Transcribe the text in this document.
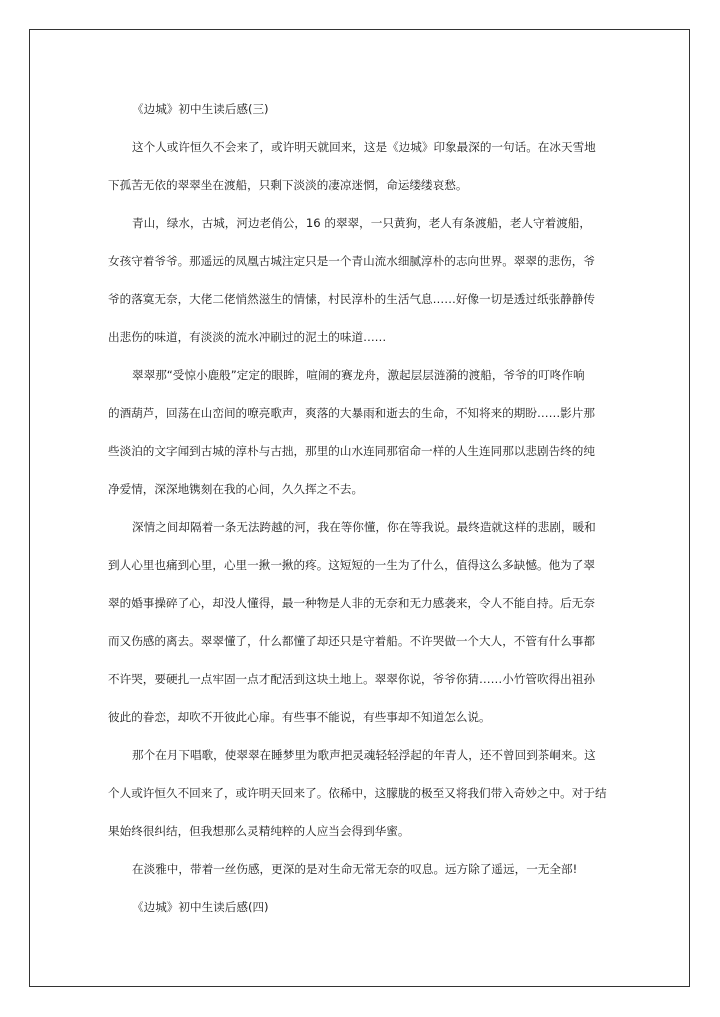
《边城》初中生读后感(三)
这个人或许恒久不会来了，或许明天就回来，这是《边城》印象最深的一句话。在冰天雪地
下孤苦无依的翠翠坐在渡船，只剩下淡淡的凄凉迷惘，命运缕缕哀愁。
青山，绿水，古城，河边老俏公，16 的翠翠，一只黄狗，老人有条渡船，老人守着渡船，
女孩守着爷爷。那遥远的凤凰古城注定只是一个青山流水细腻淳朴的志向世界。翠翠的悲伤，爷
爷的落寞无奈，大佬二佬悄然滋生的情愫，村民淳朴的生活气息……好像一切是透过纸张静静传
出悲伤的味道，有淡淡的流水冲刷过的泥土的味道……
翠翠那“受惊小鹿般”定定的眼眸，喧闹的赛龙舟，激起层层涟漪的渡船，爷爷的叮咚作响
的酒葫芦，回荡在山峦间的嘹亮歌声，爽落的大暴雨和逝去的生命，不知将来的期盼……影片那
些淡泊的文字闻到古城的淳朴与古拙，那里的山水连同那宿命一样的人生连同那以悲剧告终的纯
净爱情，深深地镌刻在我的心间，久久挥之不去。
深情之间却隔着一条无法跨越的河，我在等你懂，你在等我说。最终造就这样的悲剧，暖和
到人心里也痛到心里，心里一揪一揪的疼。这短短的一生为了什么，值得这么多缺憾。他为了翠
翠的婚事操碎了心，却没人懂得，最一种物是人非的无奈和无力感袭来，令人不能自持。后无奈
而又伤感的离去。翠翠懂了，什么都懂了却还只是守着船。不许哭做一个大人，不管有什么事都
不许哭，要硬扎一点牢固一点才配活到这块土地上。翠翠你说，爷爷你猜……小竹管吹得出祖孙
彼此的眷恋，却吹不开彼此心扉。有些事不能说，有些事却不知道怎么说。
那个在月下唱歌，使翠翠在睡梦里为歌声把灵魂轻轻浮起的年青人，还不曾回到茶峒来。这
个人或许恒久不回来了，或许明天回来了。依稀中，这朦胧的极至又将我们带入奇妙之中。对于结
果始终很纠结，但我想那么灵精纯粹的人应当会得到华蜜。
在淡雅中，带着一丝伤感，更深的是对生命无常无奈的叹息。远方除了遥远，一无全部!
《边城》初中生读后感(四)
